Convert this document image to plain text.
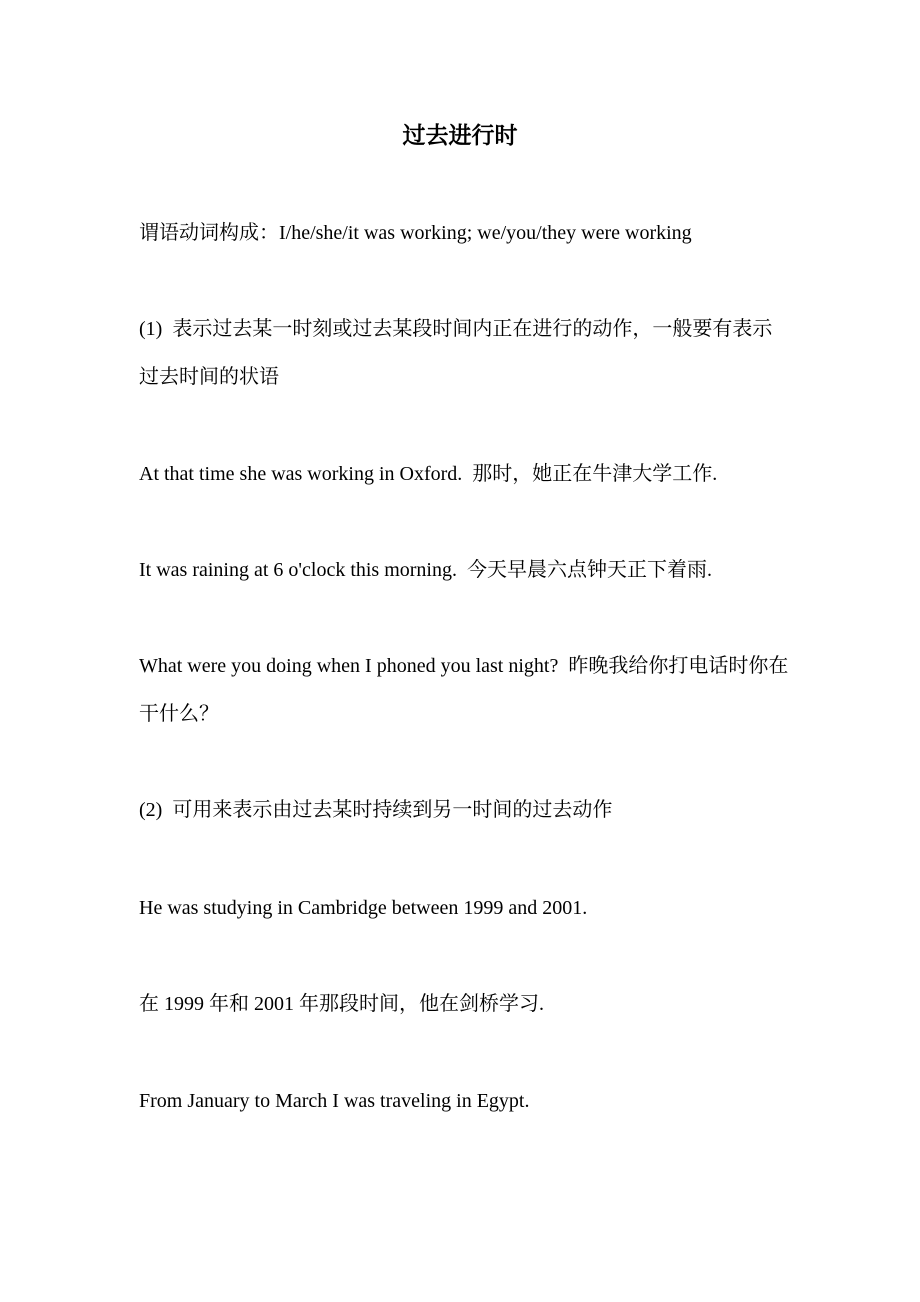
过去进行时

谓语动词构成：I/he/she/it was working; we/you/they were working

(1)  表示过去某一时刻或过去某段时间内正在进行的动作，一般要有表示过去时间的状语

At that time she was working in Oxford.  那时，她正在牛津大学工作.

It was raining at 6 o'clock this morning.  今天早晨六点钟天正下着雨.

What were you doing when I phoned you last night?  昨晚我给你打电话时你在干什么？

(2)  可用来表示由过去某时持续到另一时间的过去动作

He was studying in Cambridge between 1999 and 2001.

在 1999 年和 2001 年那段时间，他在剑桥学习.

From January to March I was traveling in Egypt.
